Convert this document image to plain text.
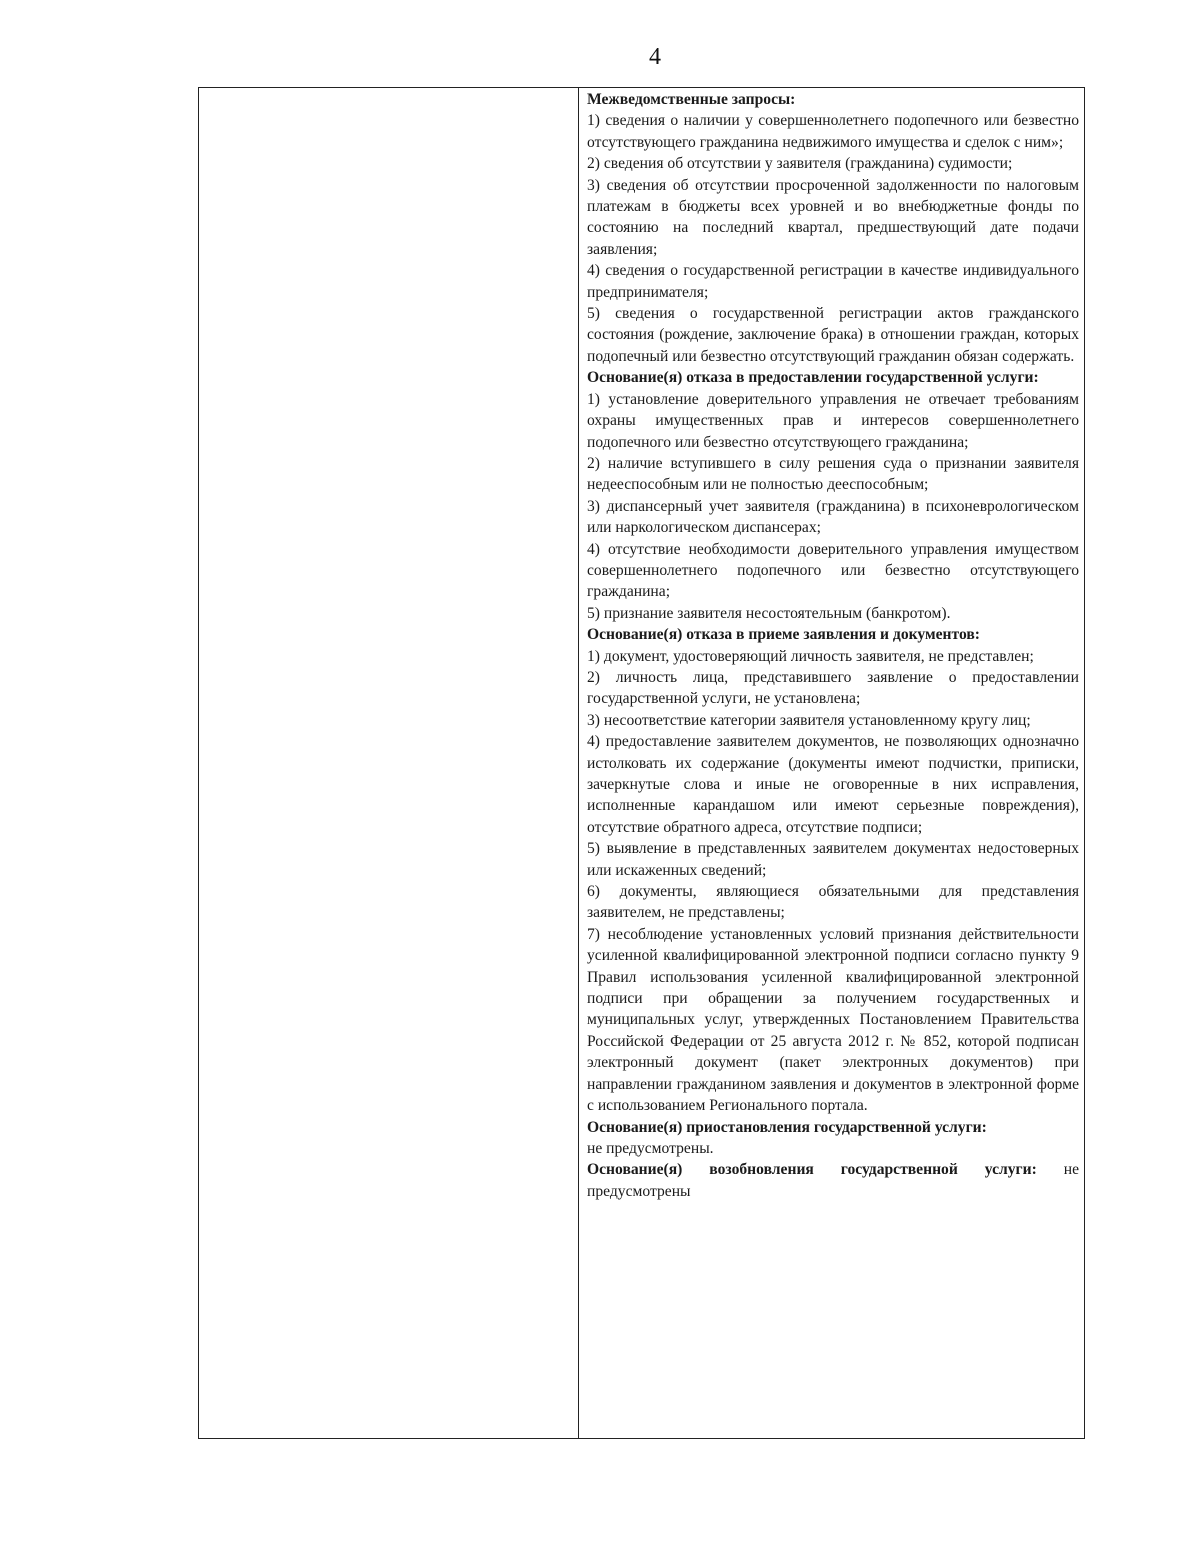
4

Межведомственные запросы:

1) сведения о наличии у совершеннолетнего подопечного или безвестно отсутствующего гражданина недвижимого имущества и сделок с ним»;

2) сведения об отсутствии у заявителя (гражданина) судимости;

3) сведения об отсутствии просроченной задолженности по налоговым платежам в бюджеты всех уровней и во внебюджетные фонды по состоянию на последний квартал, предшествующий дате подачи заявления;

4) сведения о государственной регистрации в качестве индивидуального предпринимателя;

5) сведения о государственной регистрации актов гражданского состояния (рождение, заключение брака) в отношении граждан, которых подопечный или безвестно отсутствующий гражданин обязан содержать.

Основание(я) отказа в предоставлении государственной услуги:

1) установление доверительного управления не отвечает требованиям охраны имущественных прав и интересов совершеннолетнего подопечного или безвестно отсутствующего гражданина;

2) наличие вступившего в силу решения суда о признании заявителя недееспособным или не полностью дееспособным;

3) диспансерный учет заявителя (гражданина) в психоневрологическом или наркологическом диспансерах;

4) отсутствие необходимости доверительного управления имуществом совершеннолетнего подопечного или безвестно отсутствующего гражданина;

5) признание заявителя несостоятельным (банкротом).

Основание(я) отказа в приеме заявления и документов:

1) документ, удостоверяющий личность заявителя, не представлен;

2) личность лица, представившего заявление о предоставлении государственной услуги, не установлена;

3) несоответствие категории заявителя установленному кругу лиц;

4) предоставление заявителем документов, не позволяющих однозначно истолковать их содержание (документы имеют подчистки, приписки, зачеркнутые слова и иные не оговоренные в них исправления, исполненные карандашом или имеют серьезные повреждения), отсутствие обратного адреса, отсутствие подписи;

5) выявление в представленных заявителем документах недостоверных или искаженных сведений;

6) документы, являющиеся обязательными для представления заявителем, не представлены;

7) несоблюдение установленных условий признания действительности усиленной квалифицированной электронной подписи согласно пункту 9 Правил использования усиленной квалифицированной электронной подписи при обращении за получением государственных и муниципальных услуг, утвержденных Постановлением Правительства Российской Федерации от 25 августа 2012 г. № 852, которой подписан электронный документ (пакет электронных документов) при направлении гражданином заявления и документов в электронной форме с использованием Регионального портала.

Основание(я) приостановления государственной услуги:

не предусмотрены.

Основание(я) возобновления государственной услуги: не предусмотрены
